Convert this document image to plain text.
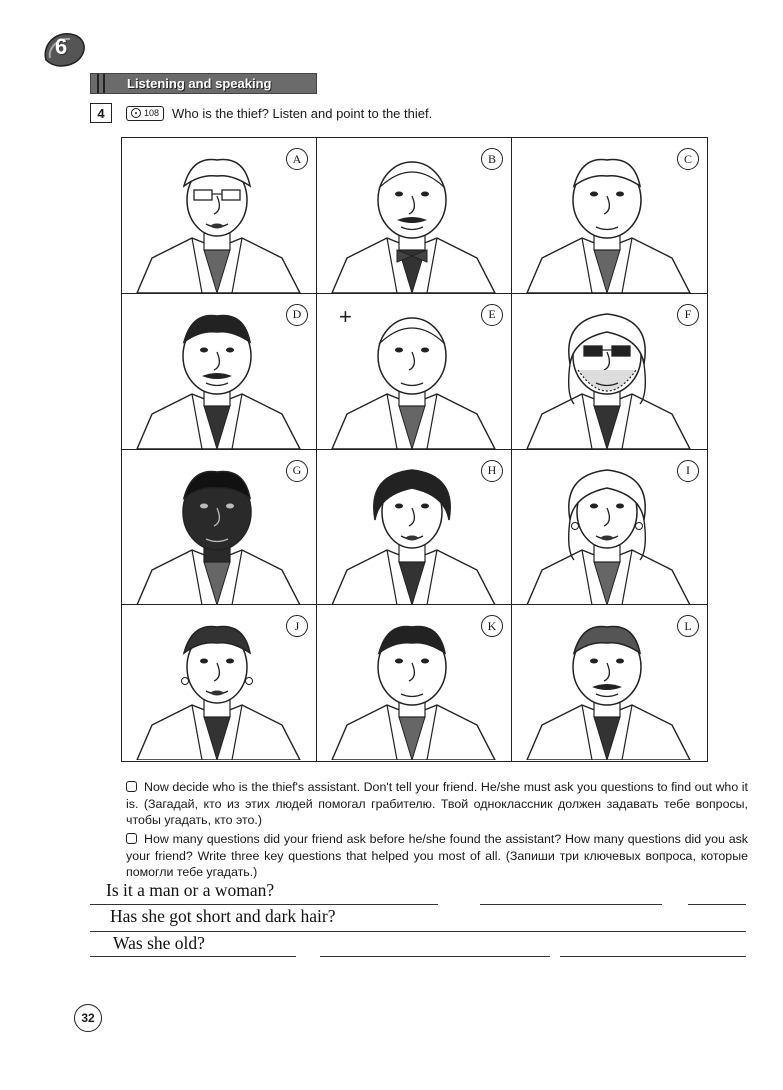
6
Listening and speaking
4	108 Who is the thief? Listen and point to the thief.
A	B	C
D	+	E	F
G	H	I
J	K	L
Now decide who is the thief's assistant. Don't tell your friend. He/she must ask you questions to find out who it is. (Загадай, кто из этих людей помогал грабителю. Твой одноклассник должен задавать тебе вопросы, чтобы угадать, кто это.)
How many questions did your friend ask before he/she found the assistant? How many questions did you ask your friend? Write three key questions that helped you most of all. (Запиши три ключевых вопроса, которые помогли тебе угадать.)
Is it a man or a woman?
Has she got short and dark hair?
Was she old?
32
